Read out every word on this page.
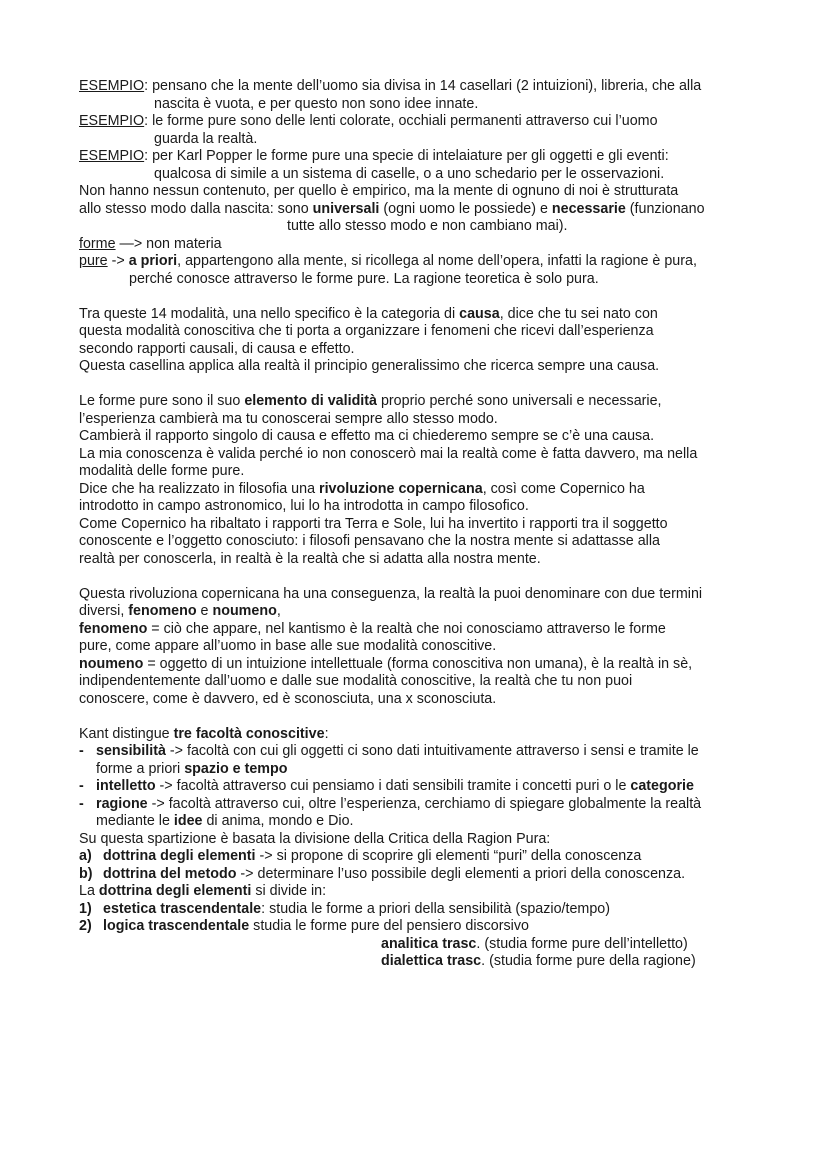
ESEMPIO: pensano che la mente dell’uomo sia divisa in 14 casellari (2 intuizioni), libreria, che alla
nascita è vuota, e per questo non sono idee innate.

ESEMPIO: le forme pure sono delle lenti colorate, occhiali permanenti attraverso cui l’uomo
guarda la realtà.

ESEMPIO: per Karl Popper le forme pure una specie di intelaiature per gli oggetti e gli eventi:
qualcosa di simile a un sistema di caselle, o a uno schedario per le osservazioni.

Non hanno nessun contenuto, per quello è empirico, ma la mente di ognuno di noi è strutturata
allo stesso modo dalla nascita: sono universali (ogni uomo le possiede) e necessarie (funzionano

tutte allo stesso modo e non cambiano mai).

forme —> non materia

pure -> a priori, appartengono alla mente, si ricollega al nome dell’opera, infatti la ragione è pura,

perché conosce attraverso le forme pure. La ragione teoretica è solo pura.

Tra queste 14 modalità, una nello specifico è la categoria di causa, dice che tu sei nato con
questa modalità conoscitiva che ti porta a organizzare i fenomeni che ricevi dall’esperienza
secondo rapporti causali, di causa e effetto.
Questa casellina applica alla realtà il principio generalissimo che ricerca sempre una causa.

Le forme pure sono il suo elemento di validità proprio perché sono universali e necessarie,
l’esperienza cambierà ma tu conoscerai sempre allo stesso modo.
Cambierà il rapporto singolo di causa e effetto ma ci chiederemo sempre se c’è una causa.
La mia conoscenza è valida perché io non conoscerò mai la realtà come è fatta davvero, ma nella
modalità delle forme pure.
Dice che ha realizzato in filosofia una rivoluzione copernicana, così come Copernico ha
introdotto in campo astronomico, lui lo ha introdotta in campo filosofico.
Come Copernico ha ribaltato i rapporti tra Terra e Sole, lui ha invertito i rapporti tra il soggetto
conoscente e l’oggetto conosciuto: i filosofi pensavano che la nostra mente si adattasse alla
realtà per conoscerla, in realtà è la realtà che si adatta alla nostra mente.

Questa rivoluziona copernicana ha una conseguenza, la realtà la puoi denominare con due termini
diversi, fenomeno e noumeno,
fenomeno = ciò che appare, nel kantismo è la realtà che noi conosciamo attraverso le forme
pure, come appare all’uomo in base alle sue modalità conoscitive.
noumeno = oggetto di un intuizione intellettuale (forma conoscitiva non umana), è la realtà in sè,
indipendentemente dall’uomo e dalle sue modalità conoscitive, la realtà che tu non puoi
conoscere, come è davvero, ed è sconosciuta, una x sconosciuta.

Kant distingue tre facoltà conoscitive:

- sensibilità -> facoltà con cui gli oggetti ci sono dati intuitivamente attraverso i sensi e tramite le
forme a priori spazio e tempo
- intelletto -> facoltà attraverso cui pensiamo i dati sensibili tramite i concetti puri o le categorie
- ragione -> facoltà attraverso cui, oltre l’esperienza, cerchiamo di spiegare globalmente la realtà
mediante le idee di anima, mondo e Dio.

Su questa spartizione è basata la divisione della Critica della Ragion Pura:

a) dottrina degli elementi -> si propone di scoprire gli elementi “puri” della conoscenza
b) dottrina del metodo -> determinare l’uso possibile degli elementi a priori della conoscenza.

La dottrina degli elementi si divide in:

1) estetica trascendentale: studia le forme a priori della sensibilità (spazio/tempo)
2) logica trascendentale studia le forme pure del pensiero discorsivo

analitica trasc. (studia forme pure dell’intelletto)

dialettica trasc. (studia forme pure della ragione)
